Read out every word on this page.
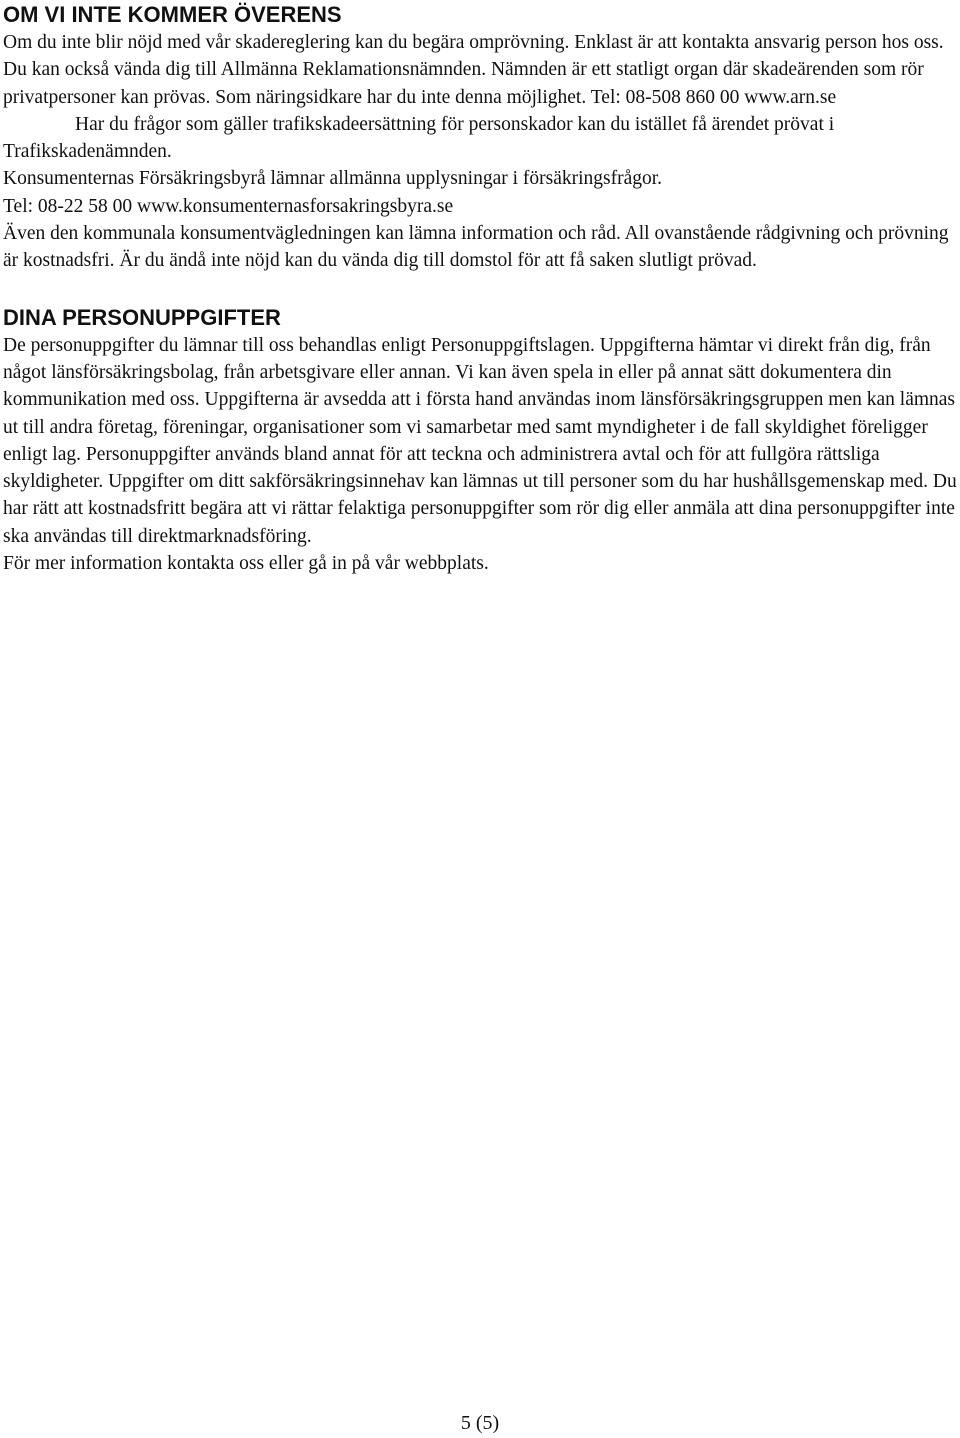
OM VI INTE KOMMER ÖVERENS

Om du inte blir nöjd med vår skadereglering kan du begära omprövning. Enklast är att kontakta ansvarig person hos oss. Du kan också vända dig till Allmänna Reklamationsnämnden. Nämnden är ett statligt organ där skadeärenden som rör privatpersoner kan prövas. Som näringsidkare har du inte denna möjlighet. Tel: 08-508 860 00 www.arn.se

Har du frågor som gäller trafikskadeersättning för personskador kan du istället få ärendet prövat i Trafikskadenämnden.

Konsumenternas Försäkringsbyrå lämnar allmänna upplysningar i försäkringsfrågor.

Tel: 08-22 58 00 www.konsumenternasforsakringsbyra.se

Även den kommunala konsumentvägledningen kan lämna information och råd. All ovanstående rådgivning och prövning är kostnadsfri. Är du ändå inte nöjd kan du vända dig till domstol för att få saken slutligt prövad.

DINA PERSONUPPGIFTER

De personuppgifter du lämnar till oss behandlas enligt Personuppgiftslagen. Uppgifterna hämtar vi direkt från dig, från något länsförsäkringsbolag, från arbetsgivare eller annan. Vi kan även spela in eller på annat sätt dokumentera din kommunikation med oss. Uppgifterna är avsedda att i första hand användas inom länsförsäkringsgruppen men kan lämnas ut till andra företag, föreningar, organisationer som vi samarbetar med samt myndigheter i de fall skyldighet föreligger enligt lag. Personuppgifter används bland annat för att teckna och administrera avtal och för att fullgöra rättsliga skyldigheter. Uppgifter om ditt sakförsäkringsinnehav kan lämnas ut till personer som du har hushållsgemenskap med. Du har rätt att kostnadsfritt begära att vi rättar felaktiga personuppgifter som rör dig eller anmäla att dina personuppgifter inte ska användas till direktmarknadsföring.

För mer information kontakta oss eller gå in på vår webbplats.

5 (5)
